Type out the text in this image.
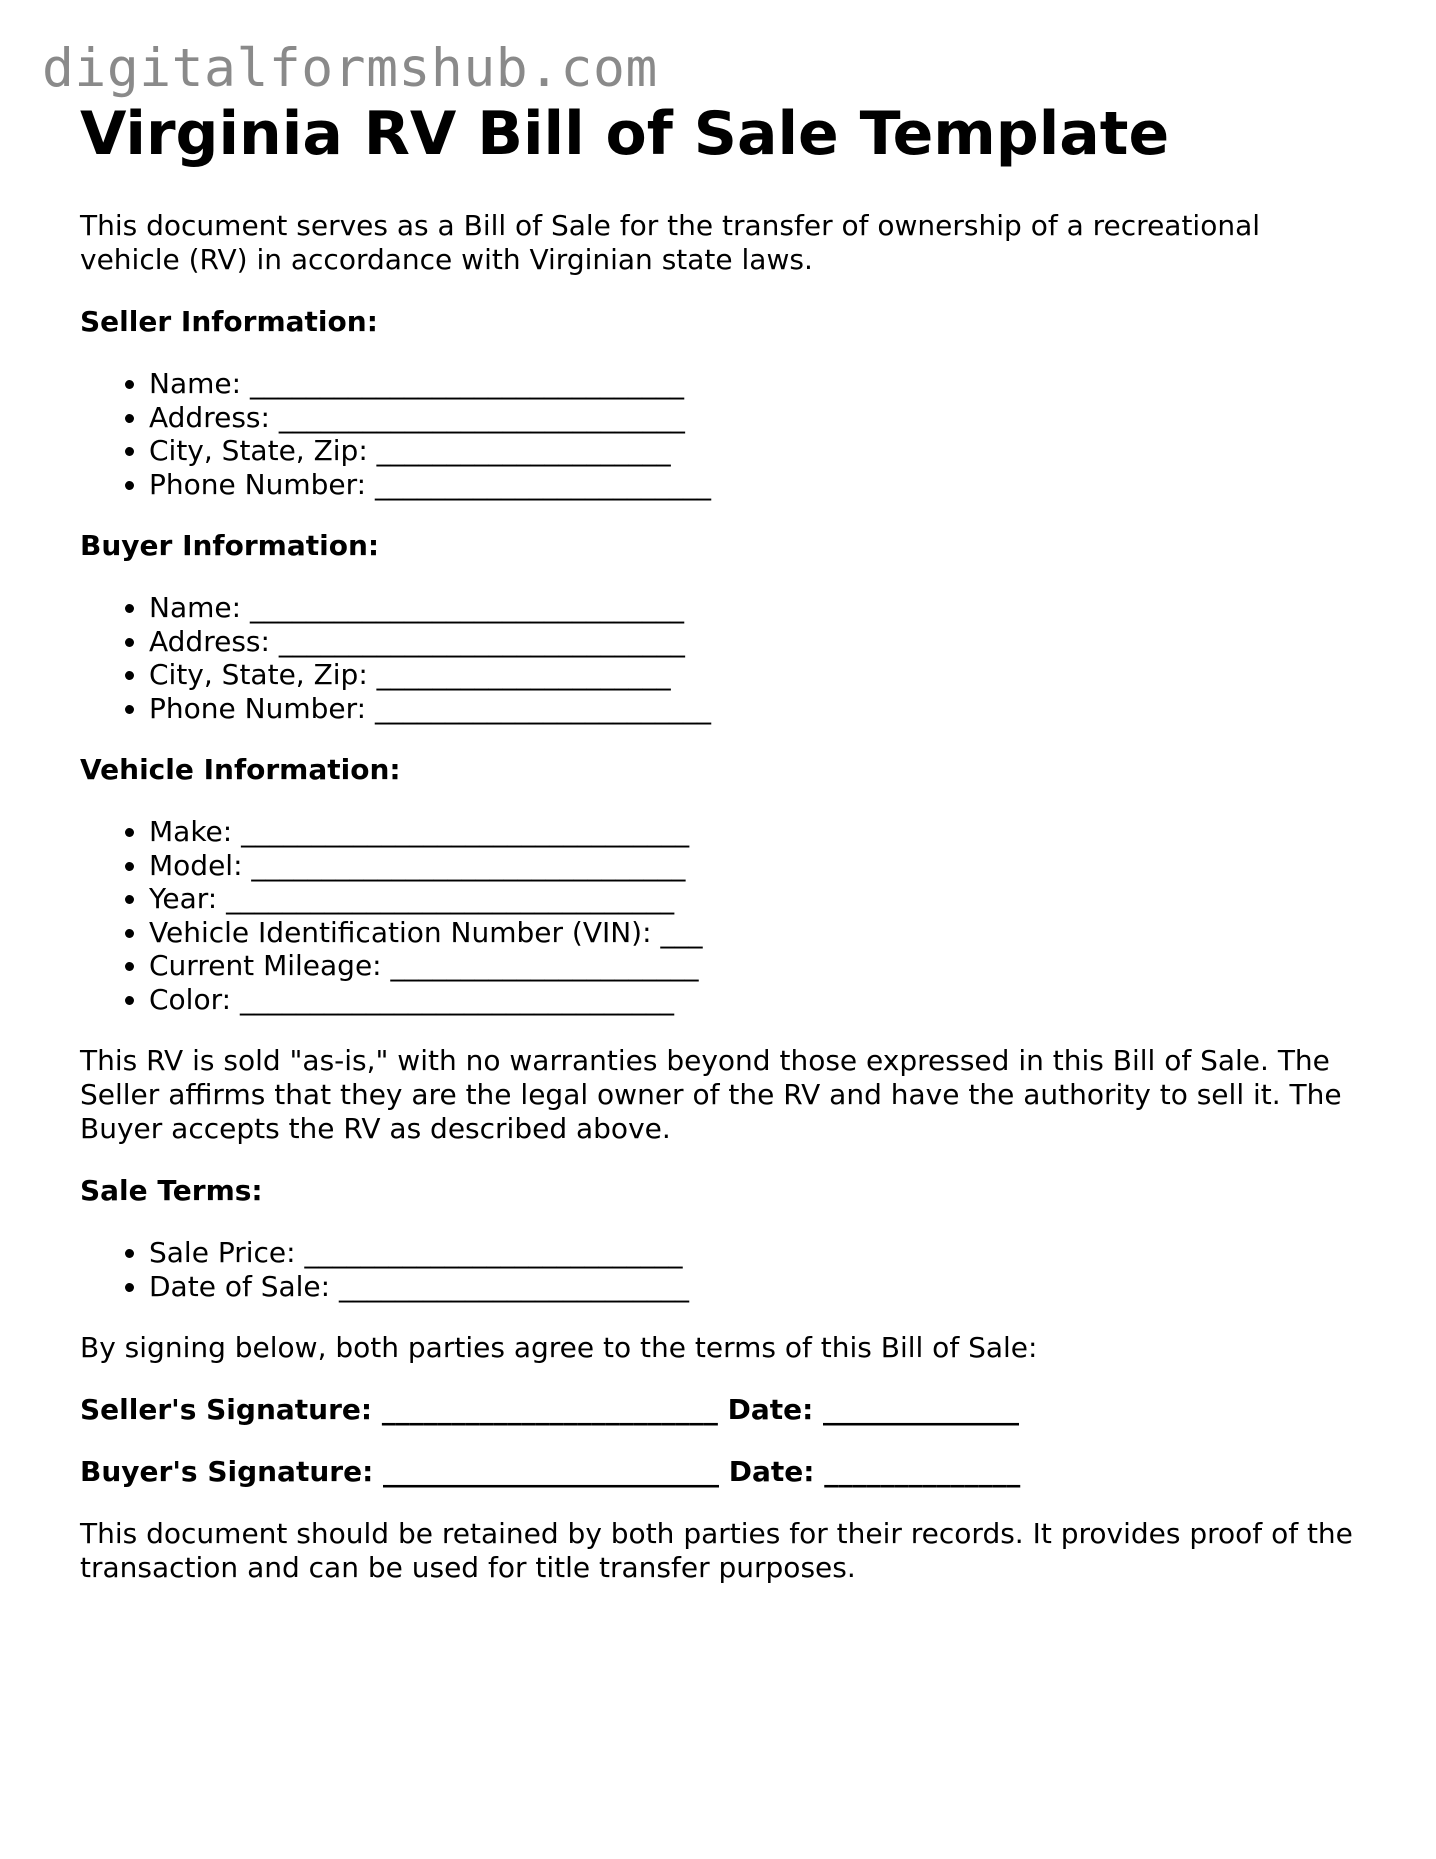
digitalformshub.com
Virginia RV Bill of Sale Template

This document serves as a Bill of Sale for the transfer of ownership of a recreational vehicle (RV) in accordance with Virginian state laws.

Seller Information:
• Name: _______________________________
• Address: _____________________________
• City, State, Zip: _____________________
• Phone Number: ________________________
Buyer Information:
• Name: _______________________________
• Address: _____________________________
• City, State, Zip: _____________________
• Phone Number: ________________________
Vehicle Information:
• Make: ________________________________
• Model: _______________________________
• Year: ________________________________
• Vehicle Identification Number (VIN): ___
• Current Mileage: ______________________
• Color: _______________________________

This RV is sold "as-is," with no warranties beyond those expressed in this Bill of Sale. The Seller affirms that they are the legal owner of the RV and have the authority to sell it. The Buyer accepts the RV as described above.

Sale Terms:
• Sale Price: ___________________________
• Date of Sale: _________________________

By signing below, both parties agree to the terms of this Bill of Sale:

Seller's Signature: ________________________ Date: ______________
Buyer's Signature: ________________________ Date: ______________

This document should be retained by both parties for their records. It provides proof of the transaction and can be used for title transfer purposes.
